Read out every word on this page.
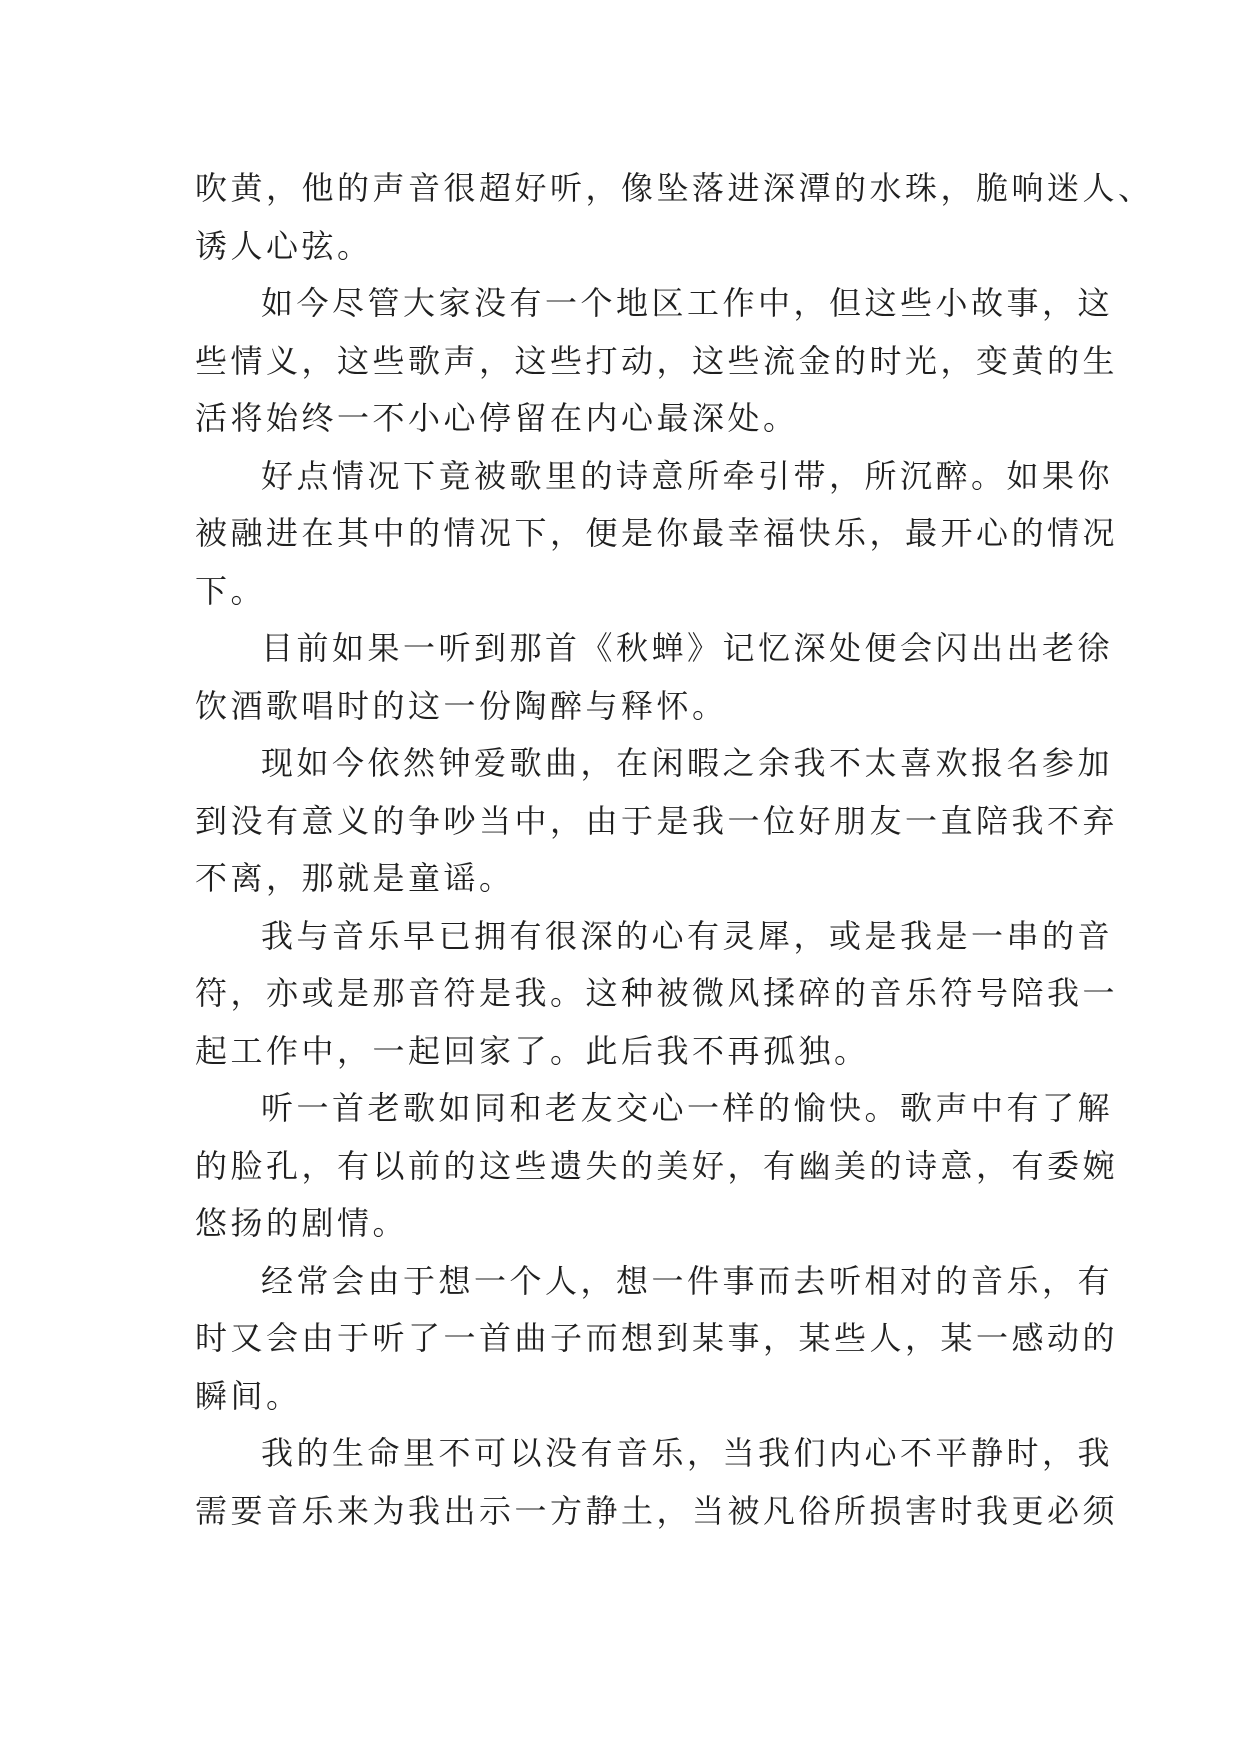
吹黄，他的声音很超好听，像坠落进深潭的水珠，脆响迷人、
诱人心弦。
如今尽管大家没有一个地区工作中，但这些小故事，这
些情义，这些歌声，这些打动，这些流金的时光，变黄的生
活将始终一不小心停留在内心最深处。
好点情况下竟被歌里的诗意所牵引带，所沉醉。如果你
被融进在其中的情况下，便是你最幸福快乐，最开心的情况
下。
目前如果一听到那首《秋蝉》记忆深处便会闪出出老徐
饮酒歌唱时的这一份陶醉与释怀。
现如今依然钟爱歌曲，在闲暇之余我不太喜欢报名参加
到没有意义的争吵当中，由于是我一位好朋友一直陪我不弃
不离，那就是童谣。
我与音乐早已拥有很深的心有灵犀，或是我是一串的音
符，亦或是那音符是我。这种被微风揉碎的音乐符号陪我一
起工作中，一起回家了。此后我不再孤独。
听一首老歌如同和老友交心一样的愉快。歌声中有了解
的脸孔，有以前的这些遗失的美好，有幽美的诗意，有委婉
悠扬的剧情。
经常会由于想一个人，想一件事而去听相对的音乐，有
时又会由于听了一首曲子而想到某事，某些人，某一感动的
瞬间。
我的生命里不可以没有音乐，当我们内心不平静时，我
需要音乐来为我出示一方静土，当被凡俗所损害时我更必须
